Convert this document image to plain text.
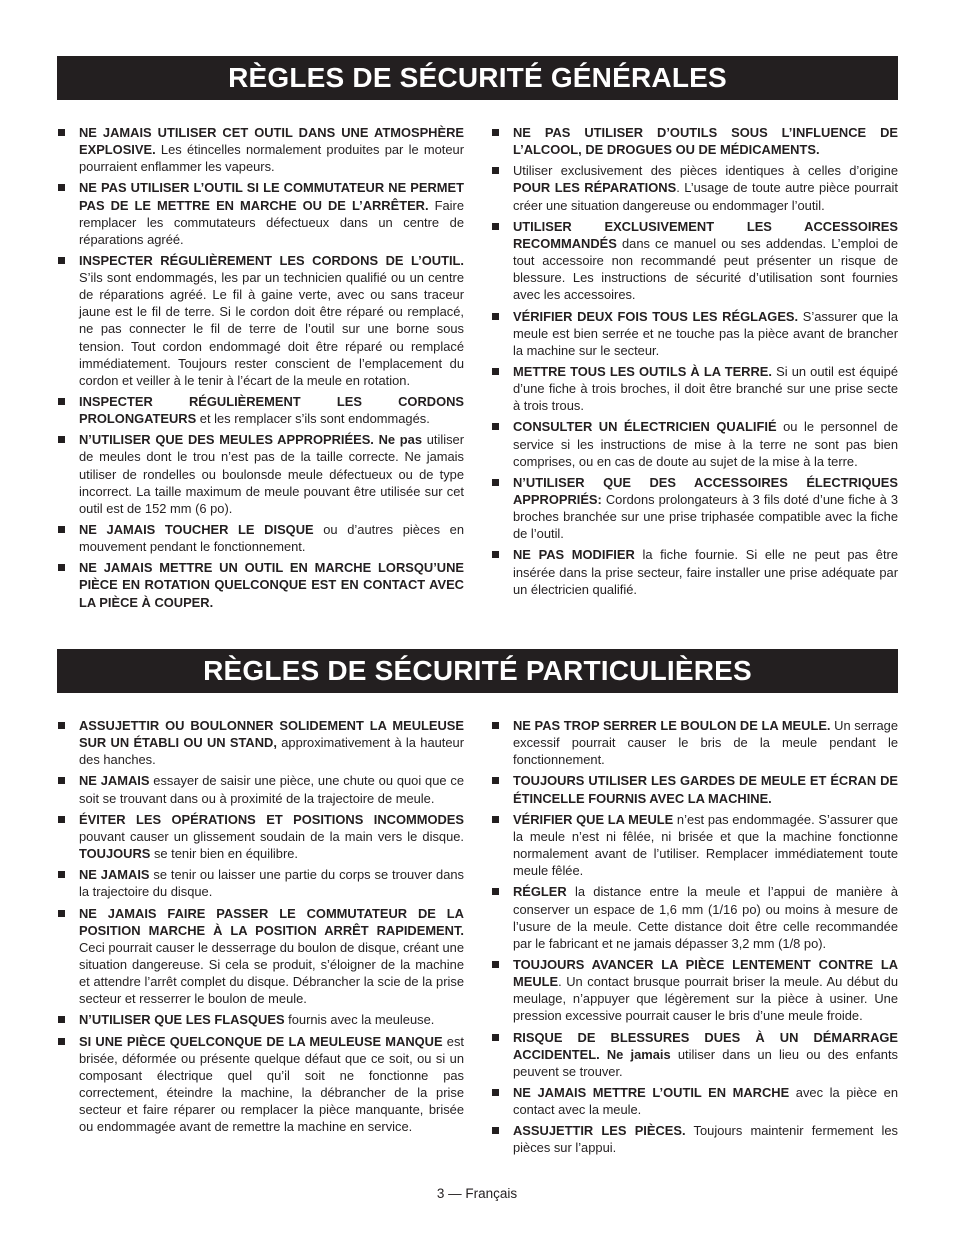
RÈGLES DE SÉCURITÉ GÉNÉRALES
NE JAMAIS UTILISER CET OUTIL DANS UNE ATMOSPHÈRE EXPLOSIVE. Les étincelles normalement produites par le moteur pourraient enflammer les vapeurs.
NE PAS UTILISER L’OUTIL SI LE COMMUTATEUR NE PERMET PAS DE LE METTRE EN MARCHE OU DE L’ARRÊTER. Faire remplacer les commutateurs défectueux dans un centre de réparations agréé.
INSPECTER RÉGULIÈREMENT LES CORDONS DE L’OUTIL. S’ils sont endommagés, les par un technicien qualifié ou un centre de réparations agréé. Le fil à gaine verte, avec ou sans traceur jaune est le fil de terre. Si le cordon doit être réparé ou remplacé, ne pas connecter le fil de terre de l’outil sur une borne sous tension. Tout cordon endommagé doit être réparé ou remplacé immédiatement. Toujours rester conscient de l’emplacement du cordon et veiller à le tenir à l’écart de la meule en rotation.
INSPECTER RÉGULIÈREMENT LES CORDONS PROLONGATEURS et les remplacer s’ils sont endommagés.
N’UTILISER QUE DES MEULES APPROPRIÉES. Ne pas utiliser de meules dont le trou n’est pas de la taille correcte. Ne jamais utiliser de rondelles ou boulonsde meule défectueux ou de type incorrect. La taille maximum de meule pouvant être utilisée sur cet outil est de 152 mm (6 po).
NE JAMAIS TOUCHER LE DISQUE ou d’autres pièces en mouvement pendant le fonctionnement.
NE JAMAIS METTRE UN OUTIL EN MARCHE LORSQU’UNE PIÈCE EN ROTATION QUELCONQUE EST EN CONTACT AVEC LA PIÈCE À COUPER.
NE PAS UTILISER D’OUTILS SOUS L’INFLUENCE DE L’ALCOOL, DE DROGUES OU DE MÉDICAMENTS.
Utiliser exclusivement des pièces identiques à celles d’origine POUR LES RÉPARATIONS. L’usage de toute autre pièce pourrait créer une situation dangereuse ou endommager l’outil.
UTILISER EXCLUSIVEMENT LES ACCESSOIRES RECOMMANDÉS dans ce manuel ou ses addendas. L’emploi de tout accessoire non recommandé peut présenter un risque de blessure. Les instructions de sécurité d’utilisation sont fournies avec les accessoires.
VÉRIFIER DEUX FOIS TOUS LES RÉGLAGES. S’assurer que la meule est bien serrée et ne touche pas la pièce avant de brancher la machine sur le secteur.
METTRE TOUS LES OUTILS À LA TERRE. Si un outil est équipé d’une fiche à trois broches, il doit être branché sur une prise secte à trois trous.
CONSULTER UN ÉLECTRICIEN QUALIFIÉ ou le personnel de service si les instructions de mise à la terre ne sont pas bien comprises, ou en cas de doute au sujet de la mise à la terre.
N’UTILISER QUE DES ACCESSOIRES ÉLECTRIQUES APPROPRIÉS: Cordons prolongateurs à 3 fils doté d’une fiche à 3 broches branchée sur une prise triphasée compatible avec la fiche de l’outil.
NE PAS MODIFIER la fiche fournie. Si elle ne peut pas être insérée dans la prise secteur, faire installer une prise adéquate par un électricien qualifié.
RÈGLES DE SÉCURITÉ PARTICULIÈRES
ASSUJETTIR OU BOULONNER SOLIDEMENT LA MEULEUSE SUR UN ÉTABLI OU UN STAND, approximativement à la hauteur des hanches.
NE JAMAIS essayer de saisir une pièce, une chute ou quoi que ce soit se trouvant dans ou à proximité de la trajectoire de meule.
ÉVITER LES OPÉRATIONS ET POSITIONS INCOMMODES pouvant causer un glissement soudain de la main vers le disque. TOUJOURS se tenir bien en équilibre.
NE JAMAIS se tenir ou laisser une partie du corps se trouver dans la trajectoire du disque.
NE JAMAIS FAIRE PASSER LE COMMUTATEUR DE LA POSITION MARCHE À LA POSITION ARRÊT RAPIDEMENT. Ceci pourrait causer le desserrage du boulon de disque, créant une situation dangereuse. Si cela se produit, s’éloigner de la machine et attendre l’arrêt complet du disque. Débrancher la scie de la prise secteur et resserrer le boulon de meule.
N’UTILISER QUE LES FLASQUES fournis avec la meuleuse.
SI UNE PIÈCE QUELCONQUE DE LA MEULEUSE MANQUE est brisée, déformée ou présente quelque défaut que ce soit, ou si un composant électrique quel qu’il soit ne fonctionne pas correctement, éteindre la machine, la débrancher de la prise secteur et faire réparer ou remplacer la pièce manquante, brisée ou endommagée avant de remettre la machine en service.
NE PAS TROP SERRER LE BOULON DE LA MEULE. Un serrage excessif pourrait causer le bris de la meule pendant le fonctionnement.
TOUJOURS UTILISER LES GARDES DE MEULE ET ÉCRAN DE ÉTINCELLE FOURNIS AVEC LA MACHINE.
VÉRIFIER QUE LA MEULE n’est pas endommagée. S’assurer que la meule n’est ni fêlée, ni brisée et que la machine fonctionne normalement avant de l’utiliser. Remplacer immédiatement toute meule fêlée.
RÉGLER la distance entre la meule et l’appui de manière à conserver un espace de 1,6 mm (1/16 po) ou moins à mesure de l’usure de la meule. Cette distance doit être celle recommandée par le fabricant et ne jamais dépasser 3,2 mm (1/8 po).
TOUJOURS AVANCER LA PIÈCE LENTEMENT CONTRE LA MEULE. Un contact brusque pourrait briser la meule. Au début du meulage, n’appuyer que légèrement sur la pièce à usiner. Une pression excessive pourrait causer le bris d’une meule froide.
RISQUE DE BLESSURES DUES À UN DÉMARRAGE ACCIDENTEL. Ne jamais utiliser dans un lieu ou des enfants peuvent se trouver.
NE JAMAIS METTRE L’OUTIL EN MARCHE avec la pièce en contact avec la meule.
ASSUJETTIR LES PIÈCES. Toujours maintenir fermement les pièces sur l’appui.
3 — Français
